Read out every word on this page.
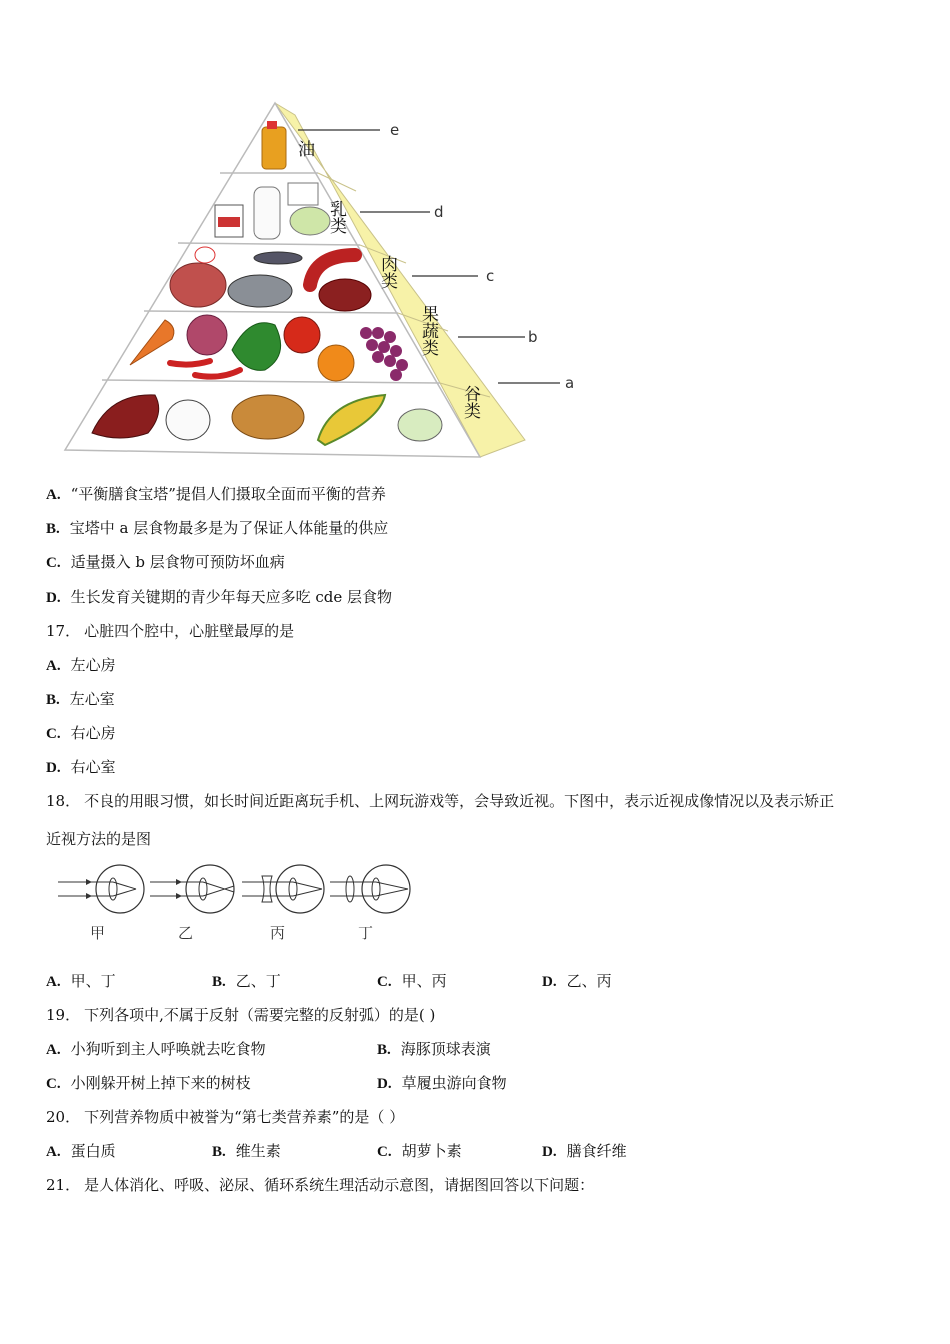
油
乳类
肉类
果蔬类
谷类
e
d
c
b
a
A. “平衡膳食宝塔”提倡人们摄取全面而平衡的营养
B. 宝塔中 a 层食物最多是为了保证人体能量的供应
C. 适量摄入 b 层食物可预防坏血病
D. 生长发育关键期的青少年每天应多吃 cde 层食物
17． 心脏四个腔中，心脏壁最厚的是
A. 左心房
B. 左心室
C. 右心房
D. 右心室
18． 不良的用眼习惯，如长时间近距离玩手机、上网玩游戏等，会导致近视。下图中，表示近视成像情况以及表示矫正
近视方法的是图
甲	乙	丙	丁
A. 甲、丁	B. 乙、丁	C. 甲、丙	D. 乙、丙
19． 下列各项中,不属于反射（需要完整的反射弧）的是( )
A. 小狗听到主人呼唤就去吃食物	B. 海豚顶球表演
C. 小刚躲开树上掉下来的树枝	D. 草履虫游向食物
20． 下列营养物质中被誉为“第七类营养素”的是（ ）
A. 蛋白质	B. 维生素	C. 胡萝卜素	D. 膳食纤维
21． 是人体消化、呼吸、泌尿、循环系统生理活动示意图，请据图回答以下问题：
